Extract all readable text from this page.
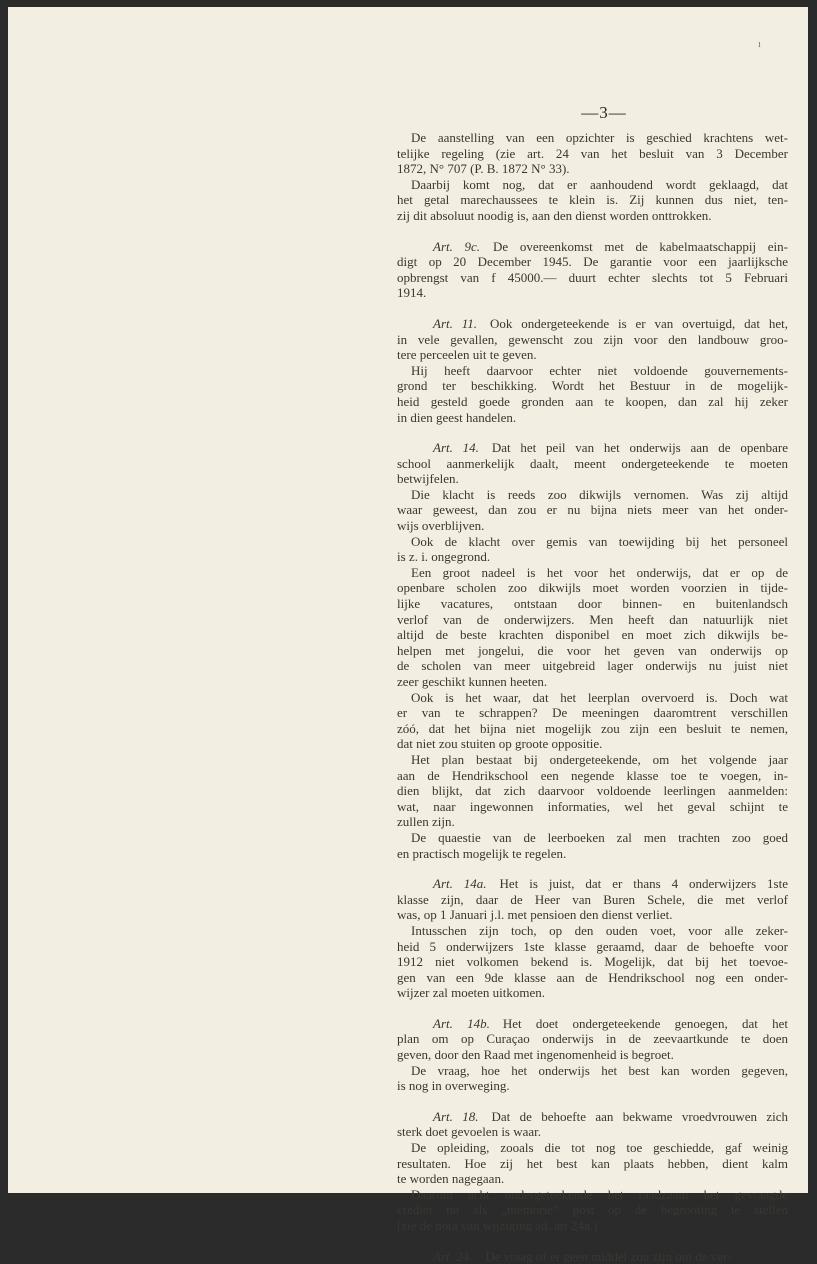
ı
—3—
De aanstelling van een opzichter is geschied krachtens wet-
telijke regeling (zie art. 24 van het besluit van 3 December
1872, N° 707 (P. B. 1872 N° 33).
Daarbij komt nog, dat er aanhoudend wordt geklaagd, dat
het getal marechaussees te klein is. Zij kunnen dus niet, ten-
zij dit absoluut noodig is, aan den dienst worden onttrokken.
Art. 9c.  De overeenkomst met de kabelmaatschappij ein-
digt op 20 December 1945. De garantie voor een jaarlijksche
opbrengst van f 45000.— duurt echter slechts tot 5 Februari
1914.
Art. 11.  Ook ondergeteekende is er van overtuigd, dat het,
in vele gevallen, gewenscht zou zijn voor den landbouw groo-
tere perceelen uit te geven.
Hij heeft daarvoor echter niet voldoende gouvernements-
grond ter beschikking. Wordt het Bestuur in de mogelijk-
heid gesteld goede gronden aan te koopen, dan zal hij zeker
in dien geest handelen.
Art. 14.  Dat het peil van het onderwijs aan de openbare
school aanmerkelijk daalt, meent ondergeteekende te moeten
betwijfelen.
Die klacht is reeds zoo dikwijls vernomen. Was zij altijd
waar geweest, dan zou er nu bijna niets meer van het onder-
wijs overblijven.
Ook de klacht over gemis van toewijding bij het personeel
is z. i. ongegrond.
Een groot nadeel is het voor het onderwijs, dat er op de
openbare scholen zoo dikwijls moet worden voorzien in tijde-
lijke vacatures, ontstaan door binnen- en buitenlandsch
verlof van de onderwijzers. Men heeft dan natuurlijk niet
altijd de beste krachten disponibel en moet zich dikwijls be-
helpen met jongelui, die voor het geven van onderwijs op
de scholen van meer uitgebreid lager onderwijs nu juist niet
zeer geschikt kunnen heeten.
Ook is het waar, dat het leerplan overvoerd is. Doch wat
er van te schrappen? De meeningen daaromtrent verschillen
zóó, dat het bijna niet mogelijk zou zijn een besluit te nemen,
dat niet zou stuiten op groote oppositie.
Het plan bestaat bij ondergeteekende, om het volgende jaar
aan de Hendrikschool een negende klasse toe te voegen, in-
dien blijkt, dat zich daarvoor voldoende leerlingen aanmelden:
wat, naar ingewonnen informaties, wel het geval schijnt te
zullen zijn.
De quaestie van de leerboeken zal men trachten zoo goed
en practisch mogelijk te regelen.
Art. 14a.  Het is juist, dat er thans 4 onderwijzers 1ste
klasse zijn, daar de Heer van Buren Schele, die met verlof
was, op 1 Januari j.l. met pensioen den dienst verliet.
Intusschen zijn toch, op den ouden voet, voor alle zeker-
heid 5 onderwijzers 1ste klasse geraamd, daar de behoefte voor
1912 niet volkomen bekend is. Mogelijk, dat bij het toevoe-
gen van een 9de klasse aan de Hendrikschool nog een onder-
wijzer zal moeten uitkomen.
Art. 14b.  Het doet ondergeteekende genoegen, dat het
plan om op Curaçao onderwijs in de zeevaartkunde te doen
geven, door den Raad met ingenomenheid is begroet.
De vraag, hoe het onderwijs het best kan worden gegeven,
is nog in overweging.
Art. 18.  Dat de behoefte aan bekwame vroedvrouwen zich
sterk doet gevoelen is waar.
De opleiding, zooals die tot nog toe geschiedde, gaf weinig
resultaten. Hoe zij het best kan plaats hebben, dient kalm
te worden nagegaan.
Daarom acht ondergeteekende het raadzaam het gevraagde
crediet nu als „memorie” post op de begrooting te stellen
(zie de nota van wijziging ad. art 24a.)
Art. 24.  De vraag of er geen middel zou zijn om de ver-
